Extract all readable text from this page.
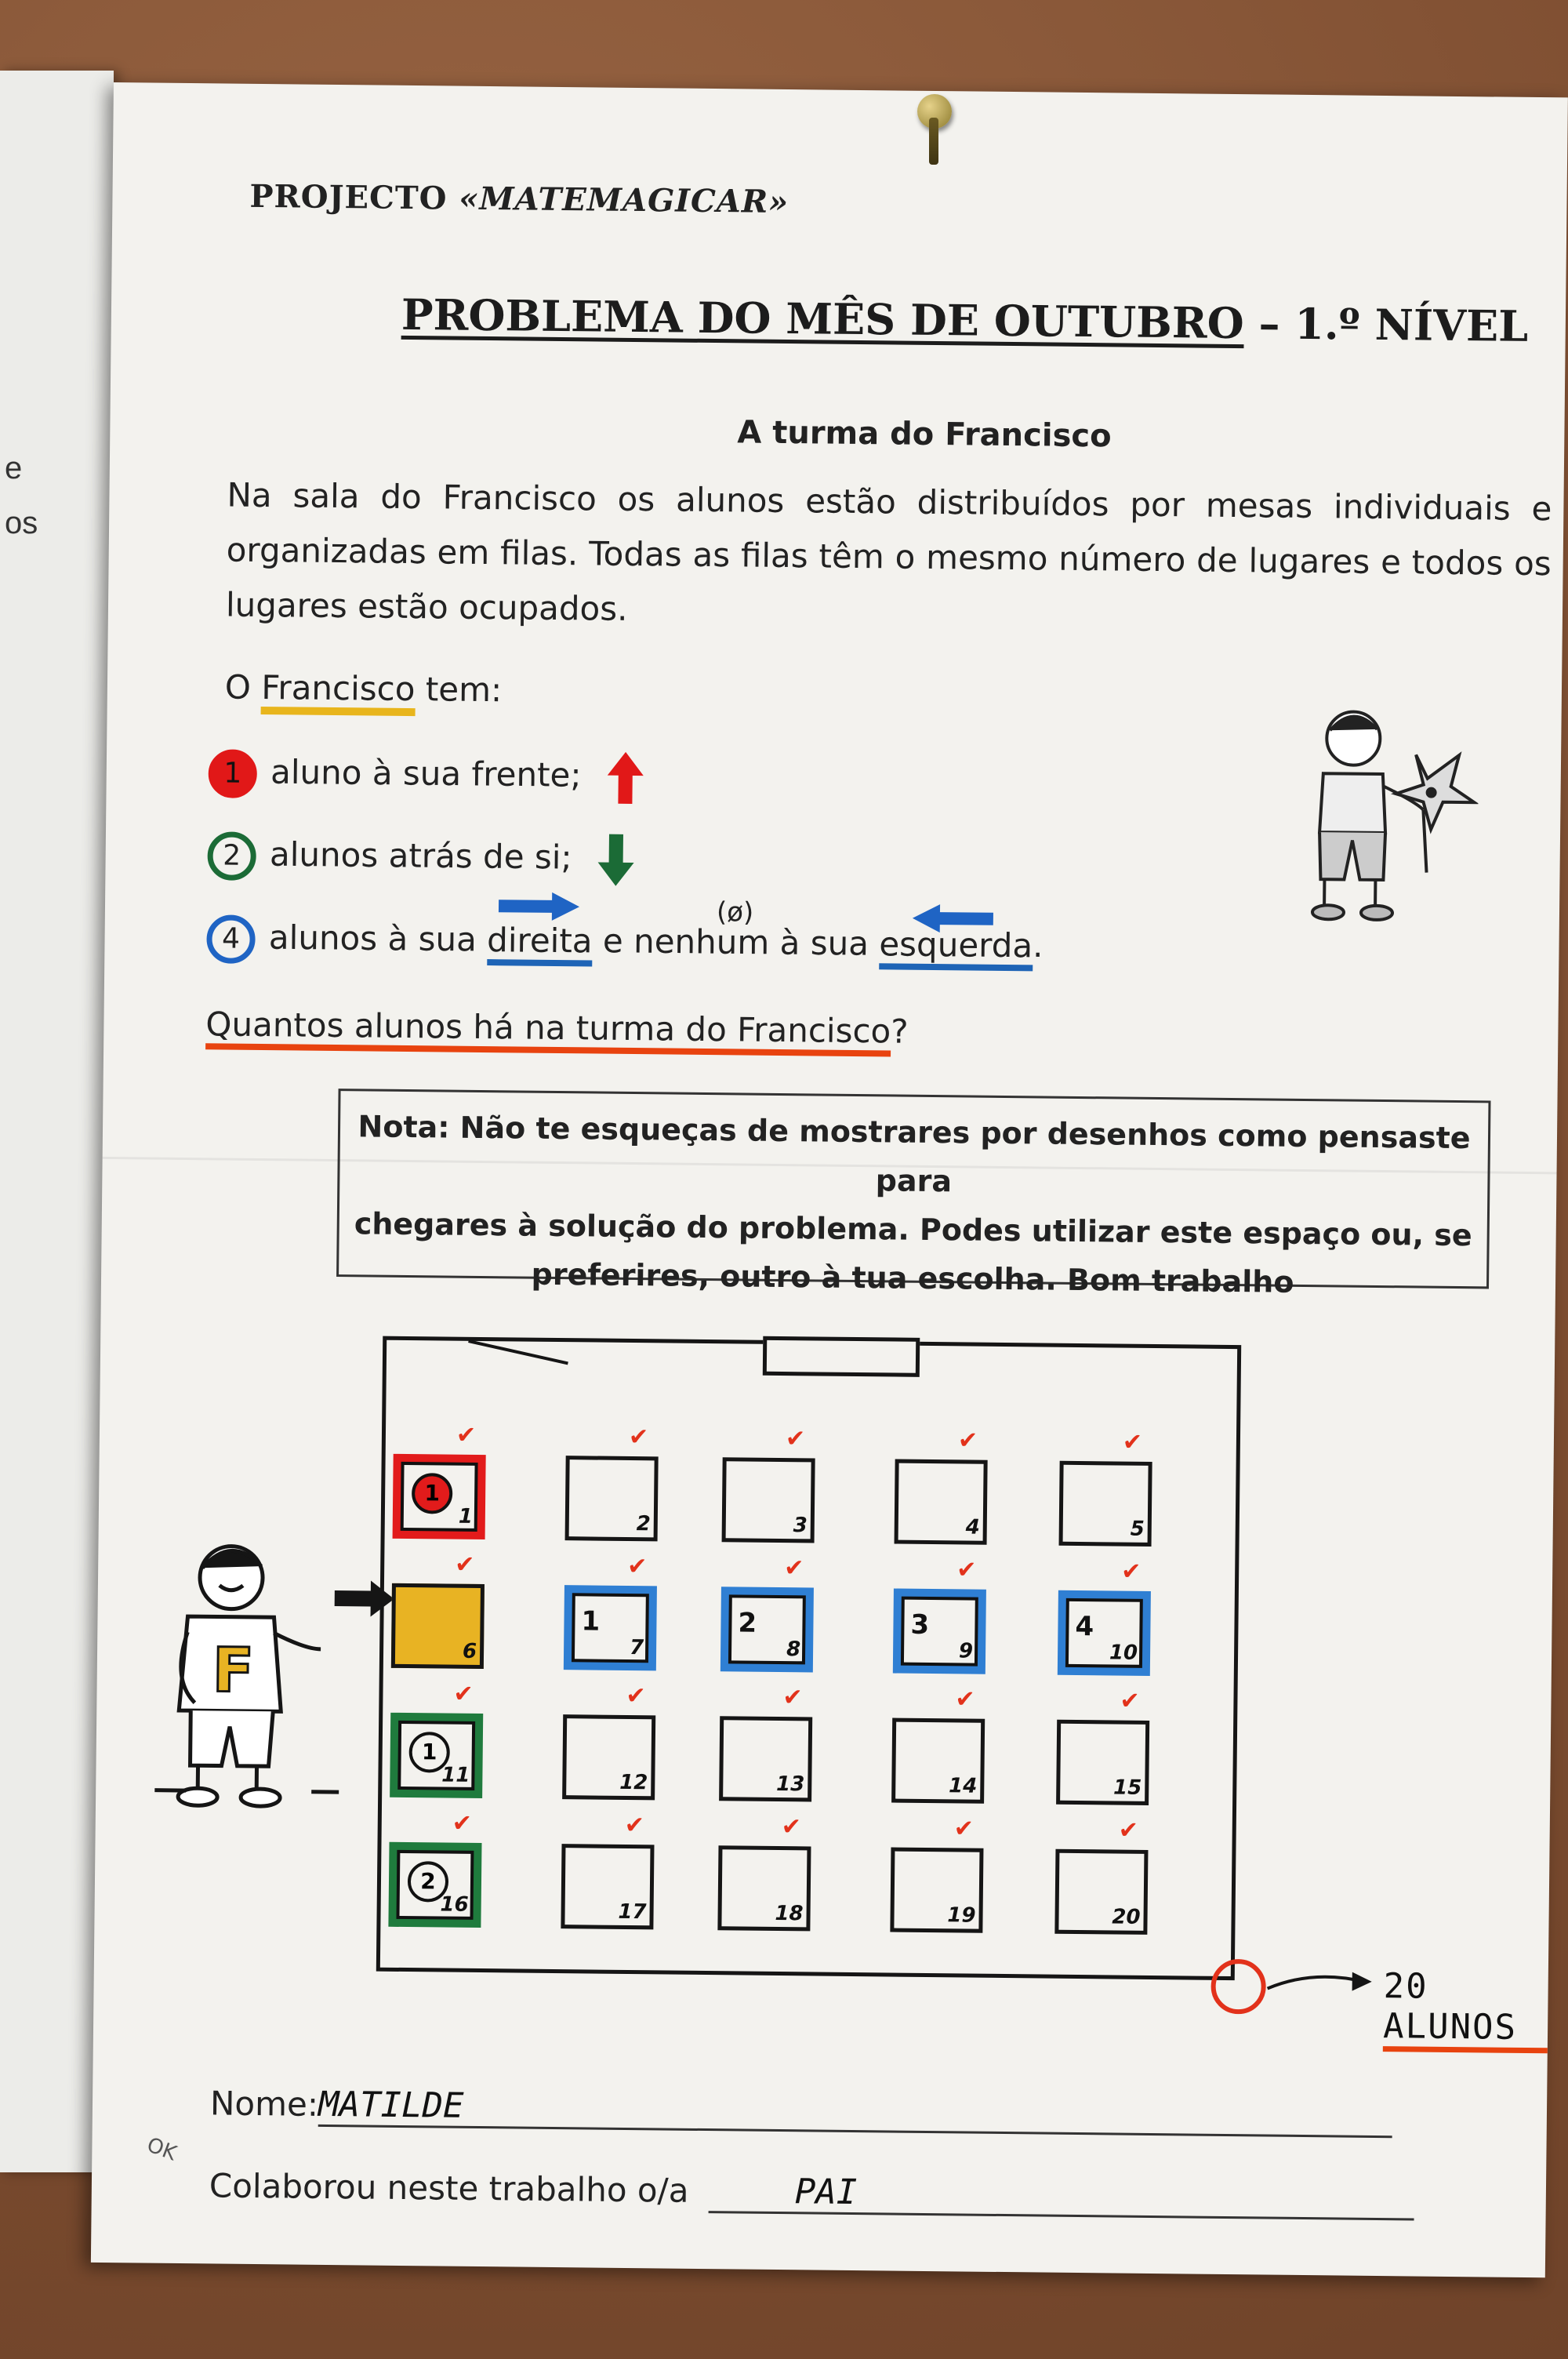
e
os
PROJECTO «MATEMAGICAR»
PROBLEMA DO MÊS DE OUTUBRO – 1.º NÍVEL
A turma do Francisco
Na sala do Francisco os alunos estão distribuídos por mesas individuais e organizadas em filas. Todas as filas têm o mesmo número de lugares e todos os lugares estão ocupados.
O Francisco tem:
1 aluno à sua frente;
2 alunos atrás de si;
(ø)
4 alunos à sua direita e nenhum à sua esquerda.
Quantos alunos há na turma do Francisco?
Nota: Não te esqueças de mostrares por desenhos como pensaste para
chegares à solução do problema. Podes utilizar este espaço ou, se
preferires, outro à tua escolha. Bom trabalho
F
20 ALUNOS
Nome:MATILDE
Colaborou neste trabalho o/a	PAI
OK
1
1
✔
2
✔
3
✔
4
✔
5
✔
6
✔
1
7
✔
2
8
✔
3
9
✔
4
10
✔
1
11
✔
12
✔
13
✔
14
✔
15
✔
2
16
✔
17
✔
18
✔
19
✔
20
✔
